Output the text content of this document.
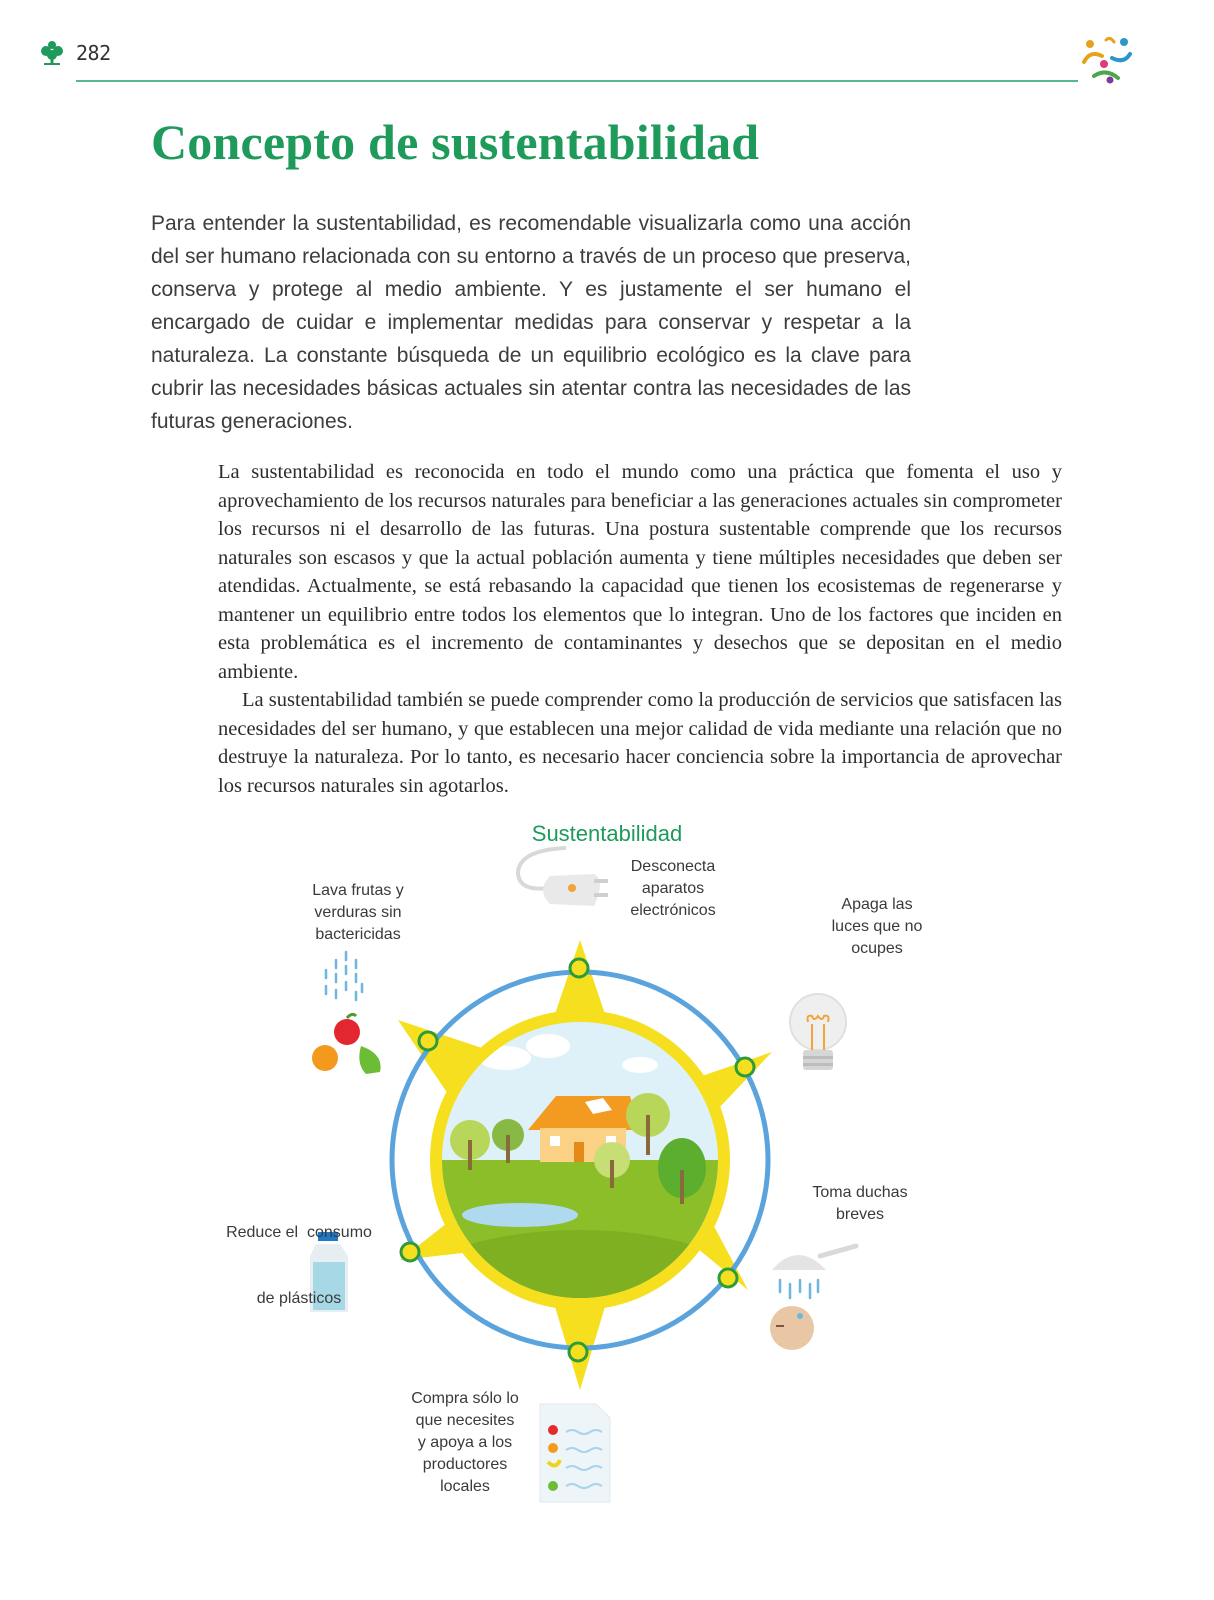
282
Concepto de sustentabilidad

Para entender la sustentabilidad, es recomendable visualizarla como una acción del ser humano relacionada con su entorno a través de un proceso que preserva, conserva y protege al medio ambiente. Y es justamente el ser humano el encargado de cuidar e implementar medidas para conservar y respetar a la naturaleza. La constante búsqueda de un equilibrio ecológico es la clave para cubrir las necesidades básicas actuales sin atentar contra las necesidades de las futuras generaciones.

La sustentabilidad es reconocida en todo el mundo como una práctica que fomenta el uso y aprovechamiento de los recursos naturales para beneficiar a las generaciones actuales sin comprometer los recursos ni el desarrollo de las futuras. Una postura sustentable comprende que los recursos naturales son escasos y que la actual población aumenta y tiene múltiples necesidades que deben ser atendidas. Actualmente, se está rebasando la capacidad que tienen los ecosistemas de regenerarse y mantener un equilibrio entre todos los elementos que lo integran. Uno de los factores que inciden en esta problemática es el incremento de contaminantes y desechos que se depositan en el medio ambiente.

La sustentabilidad también se puede comprender como la producción de servicios que satisfacen las necesidades del ser humano, y que establecen una mejor calidad de vida mediante una relación que no destruye la naturaleza. Por lo tanto, es necesario hacer conciencia sobre la importancia de aprovechar los recursos naturales sin agotarlos.

Sustentabilidad
Desconecta
aparatos
electrónicos	Apaga las
luces que no
ocupes
Toma duchas
breves
Compra sólo lo
que necesites
y apoya a los
productores
locales

Reduce el  consumo

de plásticos

Lava frutas y
verduras sin
bactericidas
